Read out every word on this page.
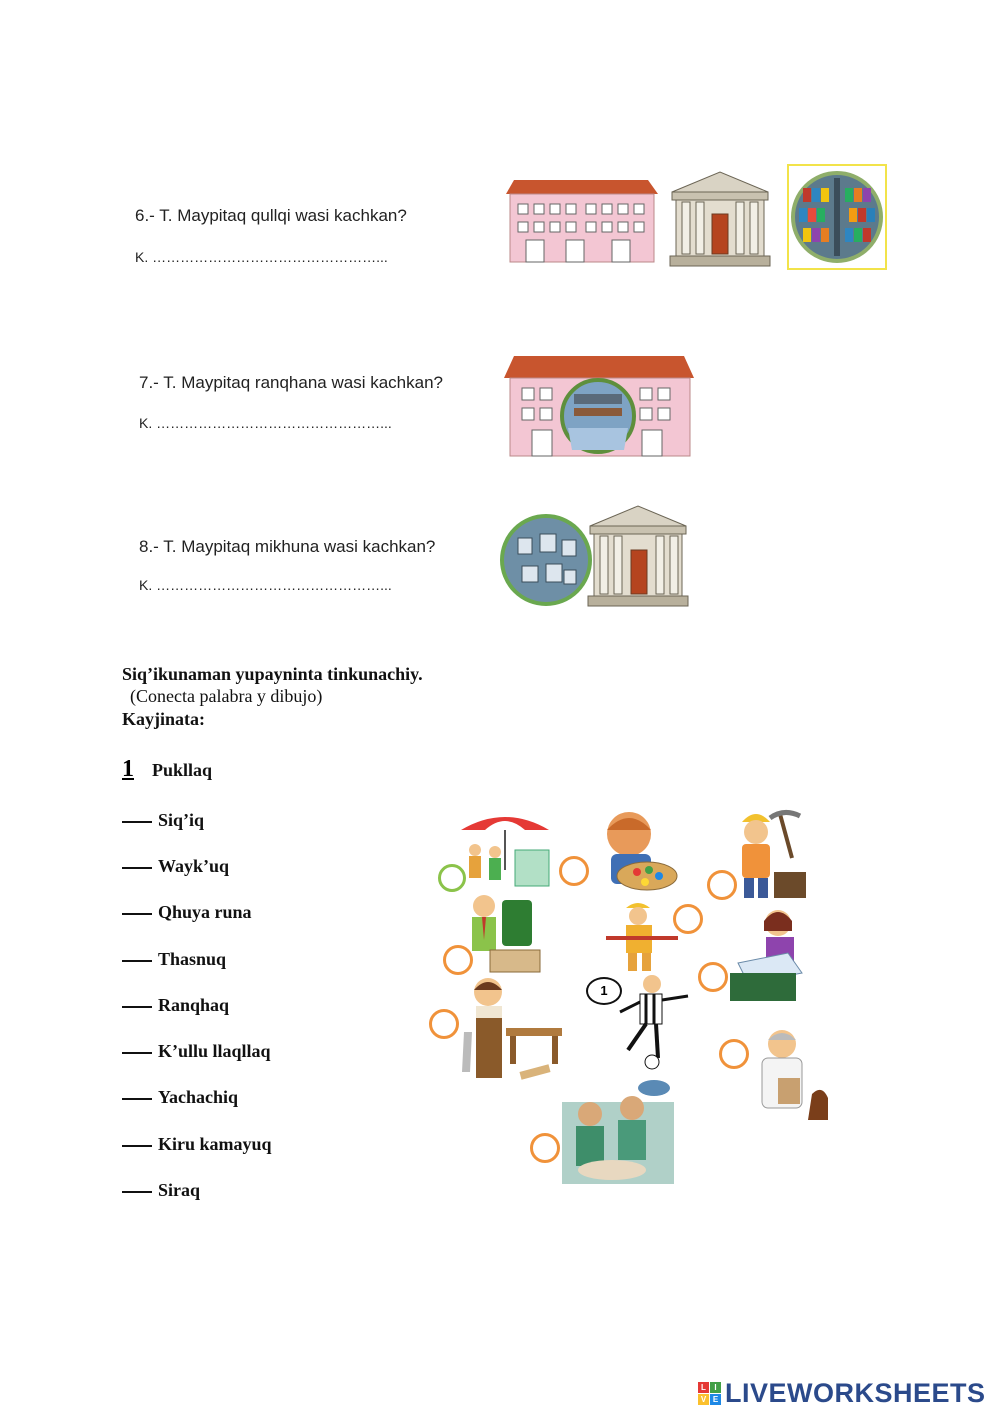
6.- T. Maypitaq qullqi wasi kachkan?
K. …………………………………………...
7.- T. Maypitaq ranqhana wasi kachkan?
K. …………………………………………...
8.- T. Maypitaq mikhuna wasi kachkan?
K. …………………………………………...
Siq’ikunaman yupayninta tinkunachiy.
(Conecta palabra y dibujo)
Kayjinata:
1 Pukllaq
Siq’iq
Wayk’uq
Qhuya runa
Thasnuq
Ranqhaq
K’ullu llaqllaq
Yachachiq
Kiru kamayuq
Siraq
1
L	I
V E LIVEWORKSHEETS
